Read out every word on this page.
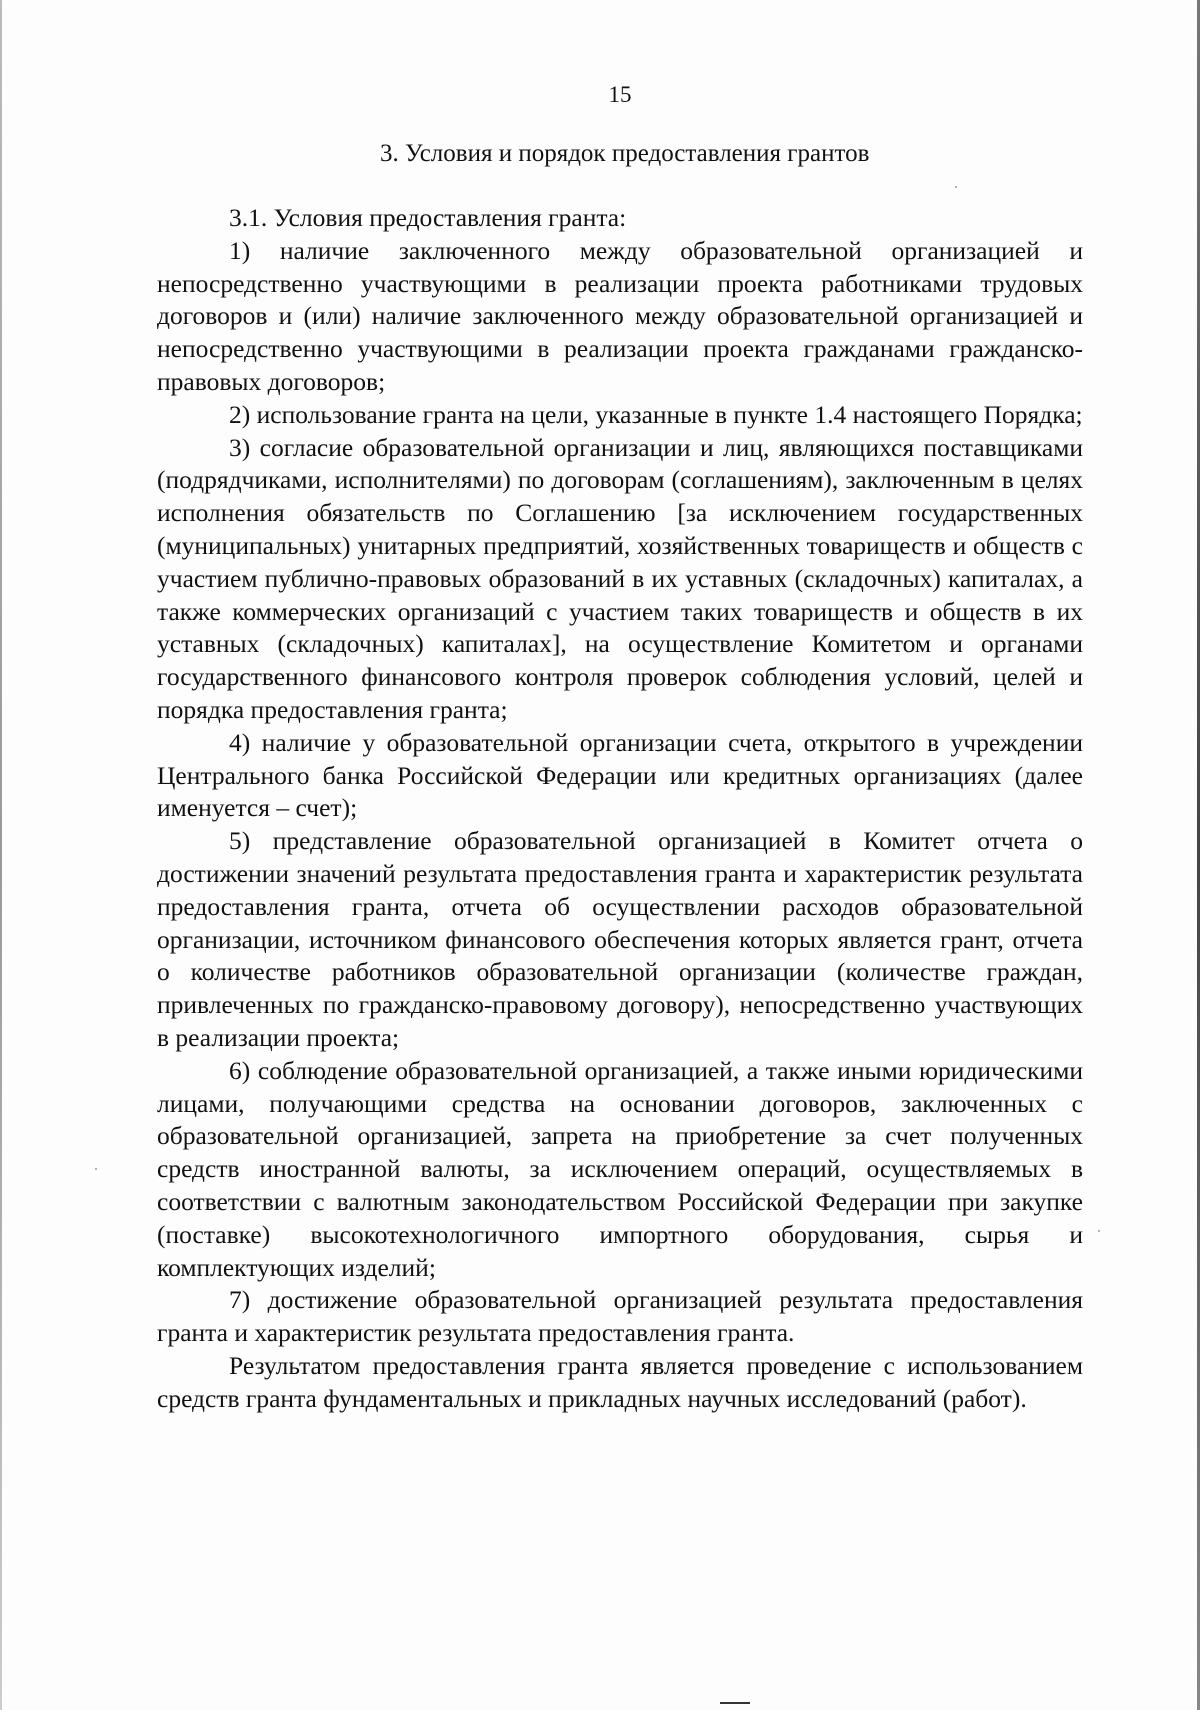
15
3. Условия и порядок предоставления грантов

3.1. Условия предоставления гранта:

1) наличие заключенного между образовательной организацией и непосредственно участвующими в реализации проекта работниками трудовых договоров и (или) наличие заключенного между образовательной организацией и непосредственно участвующими в реализации проекта гражданами гражданско-правовых договоров;

2) использование гранта на цели, указанные в пункте 1.4 настоящего Порядка;

3) согласие образовательной организации и лиц, являющихся поставщиками (подрядчиками, исполнителями) по договорам (соглашениям), заключенным в целях исполнения обязательств по Соглашению [за исключением государственных (муниципальных) унитарных предприятий, хозяйственных товариществ и обществ с участием публично-правовых образований в их уставных (складочных) капиталах, а также коммерческих организаций с участием таких товариществ и обществ в их уставных (складочных) капиталах], на осуществление Комитетом и органами государственного финансового контроля проверок соблюдения условий, целей и порядка предоставления гранта;

4) наличие у образовательной организации счета, открытого в учреждении Центрального банка Российской Федерации или кредитных организациях (далее именуется – счет);

5) представление образовательной организацией в Комитет отчета о достижении значений результата предоставления гранта и характеристик результата предоставления гранта, отчета об осуществлении расходов образовательной организации, источником финансового обеспечения которых является грант, отчета о количестве работников образовательной организации (количестве граждан, привлеченных по гражданско-правовому договору), непосредственно участвующих в реализации проекта;

6) соблюдение образовательной организацией, а также иными юридическими лицами, получающими средства на основании договоров, заключенных с образовательной организацией, запрета на приобретение за счет полученных средств иностранной валюты, за исключением операций, осуществляемых в соответствии с валютным законодательством Российской Федерации при закупке (поставке) высокотехнологичного импортного оборудования, сырья и комплектующих изделий;

7) достижение образовательной организацией результата предоставления гранта и характеристик результата предоставления гранта.

Результатом предоставления гранта является проведение с использованием средств гранта фундаментальных и прикладных научных исследований (работ).
